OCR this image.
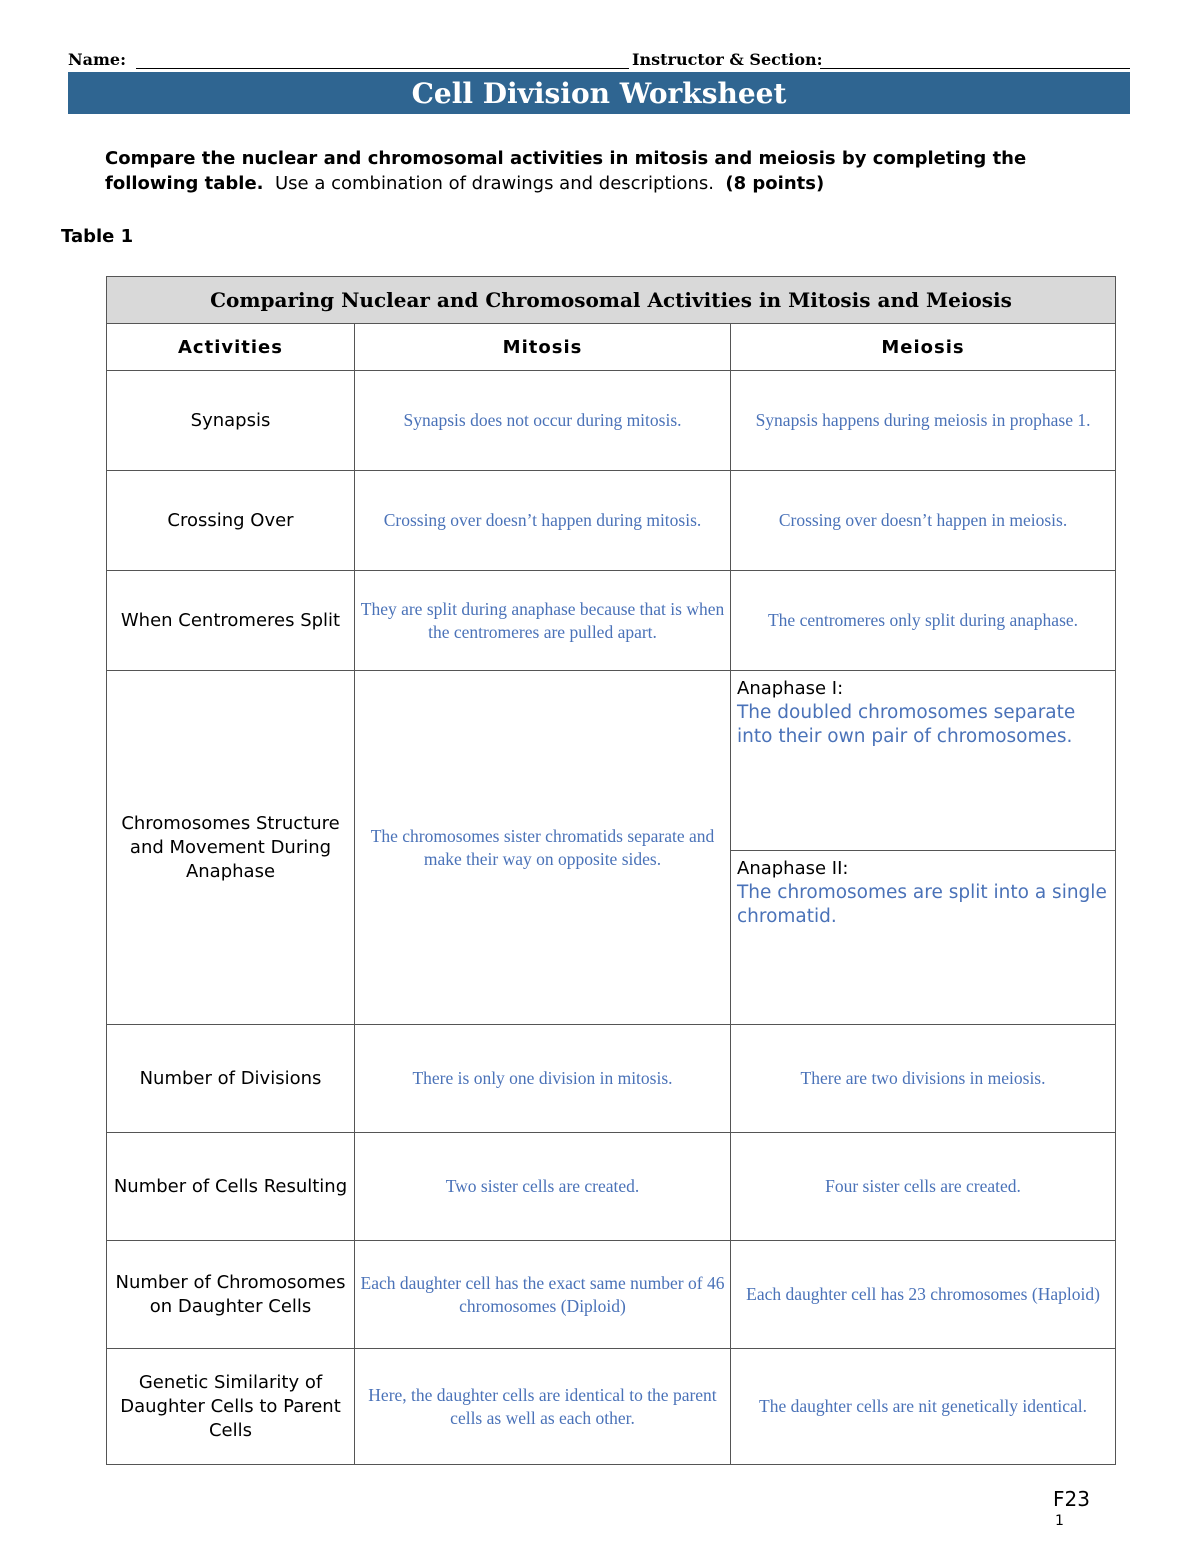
Name:	Instructor & Section:
Cell Division Worksheet
Compare the nuclear and chromosomal activities in mitosis and meiosis by completing the following table. Use a combination of drawings and descriptions. (8 points)
Table 1
Comparing Nuclear and Chromosomal Activities in Mitosis and Meiosis		
Activities	Mitosis	Meiosis
Synapsis	Synapsis does not occur during mitosis.	Synapsis happens during meiosis in prophase 1.
Crossing Over	Crossing over doesn’t happen during mitosis.	Crossing over doesn’t happen in meiosis.
When Centromeres Split	They are split during anaphase because that is when the centromeres are pulled apart.	The centromeres only split during anaphase.
Chromosomes Structure and Movement During Anaphase	The chromosomes sister chromatids separate and make their way on opposite sides.	Anaphase I:
The doubled chromosomes separate into their own pair of chromosomes.
Anaphase II:
The chromosomes are split into a single chromatid.

Number of Divisions	There is only one division in mitosis.	There are two divisions in meiosis.
Number of Cells Resulting	Two sister cells are created.	Four sister cells are created.
Number of Chromosomes on Daughter Cells	Each daughter cell has the exact same number of 46 chromosomes (Diploid)	Each daughter cell has 23 chromosomes (Haploid)
Genetic Similarity of Daughter Cells to Parent Cells	Here, the daughter cells are identical to the parent cells as well as each other.	The daughter cells are nit genetically identical.
F23
1
